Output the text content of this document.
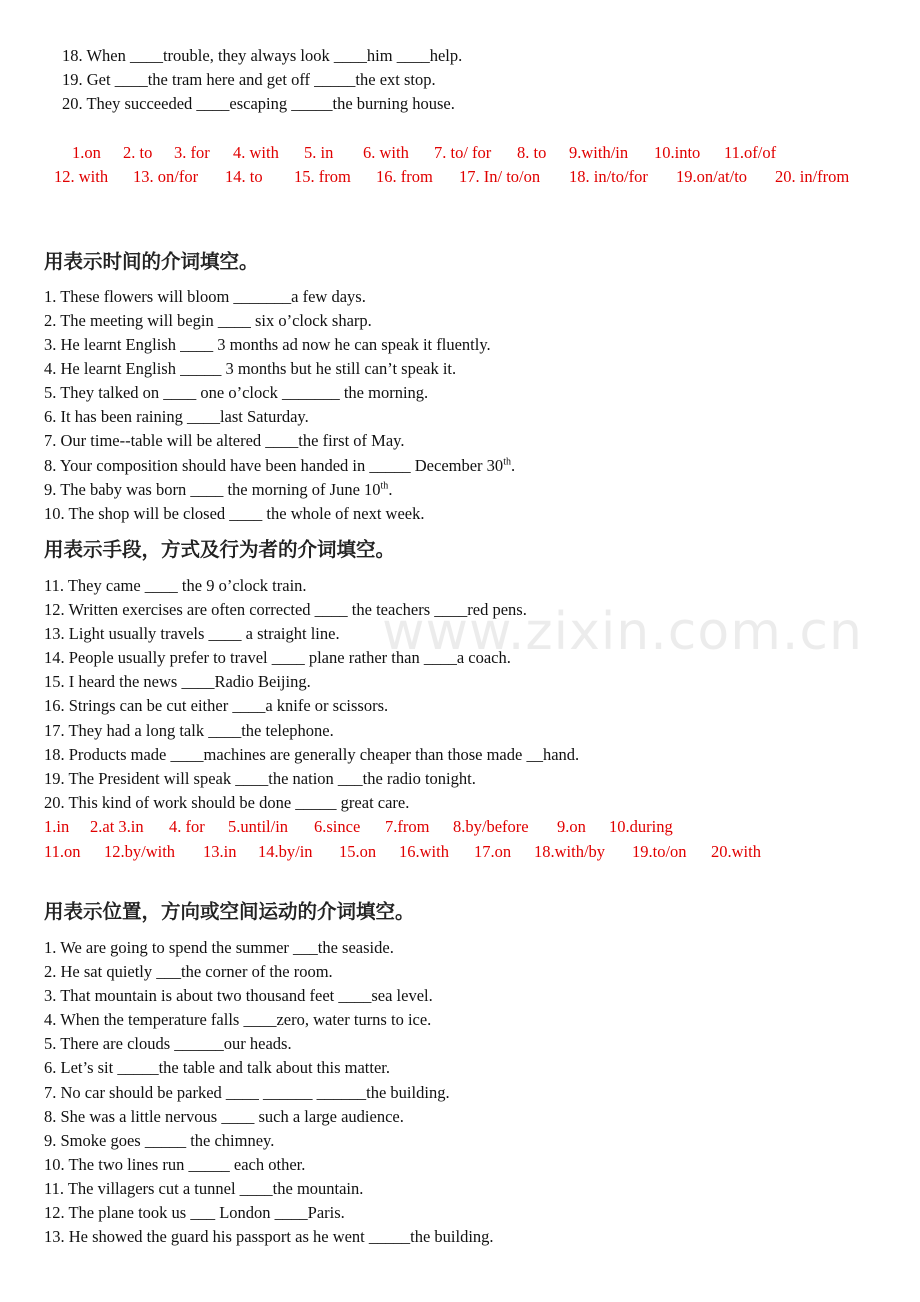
18. When ____trouble, they always look ____him ____help.

19. Get ____the tram here and get off _____the ext stop.

20. They succeeded ____escaping _____the burning house.

1.on 2. to 3. for 4. with 5. in 6. with 7. to/ for 8. to 9.with/in 10.into 11.of/of
12. with 13. on/for 14. to 15. from 16. from 17. In/ to/on 18. in/to/for 19.on/at/to 20. in/from
用表示时间的介词填空。

1. These flowers will bloom _______a few days.

2. The meeting will begin ____ six o’clock sharp.

3. He learnt English ____ 3 months ad now he can speak it fluently.

4. He learnt English _____ 3 months but he still can’t speak it.

5. They talked on ____ one o’clock _______ the morning.

6. It has been raining ____last Saturday.

7. Our time--table will be altered ____the first of May.

8. Your composition should have been handed in _____ December 30th.

9. The baby was born ____ the morning of June 10th.

10. The shop will be closed ____ the whole of next week.

用表示手段，方式及行为者的介词填空。

11. They came ____ the 9 o’clock train.

12. Written exercises are often corrected ____ the teachers ____red pens.

13. Light usually travels ____ a straight line.

14. People usually prefer to travel ____ plane rather than ____a coach.

15. I heard the news ____Radio Beijing.

16. Strings can be cut either ____a knife or scissors.

17. They had a long talk ____the telephone.

18. Products made ____machines are generally cheaper than those made __hand.

19. The President will speak ____the nation ___the radio tonight.

20. This kind of work should be done _____ great care.

1.in 2.at 3.in 4. for 5.until/in 6.since 7.from 8.by/before 9.on 10.during
11.on 12.by/with 13.in 14.by/in 15.on 16.with 17.on 18.with/by 19.to/on 20.with
用表示位置，方向或空间运动的介词填空。

1. We are going to spend the summer ___the seaside.

2. He sat quietly ___the corner of the room.

3. That mountain is about two thousand feet ____sea level.

4. When the temperature falls ____zero, water turns to ice.

5. There are clouds ______our heads.

6. Let’s sit _____the table and talk about this matter.

7. No car should be parked ____ ______ ______the building.

8. She was a little nervous ____ such a large audience.

9. Smoke goes _____ the chimney.

10. The two lines run _____ each other.

11. The villagers cut a tunnel ____the mountain.

12. The plane took us ___ London ____Paris.

13. He showed the guard his passport as he went _____the building.

www.zixin.com.cn
